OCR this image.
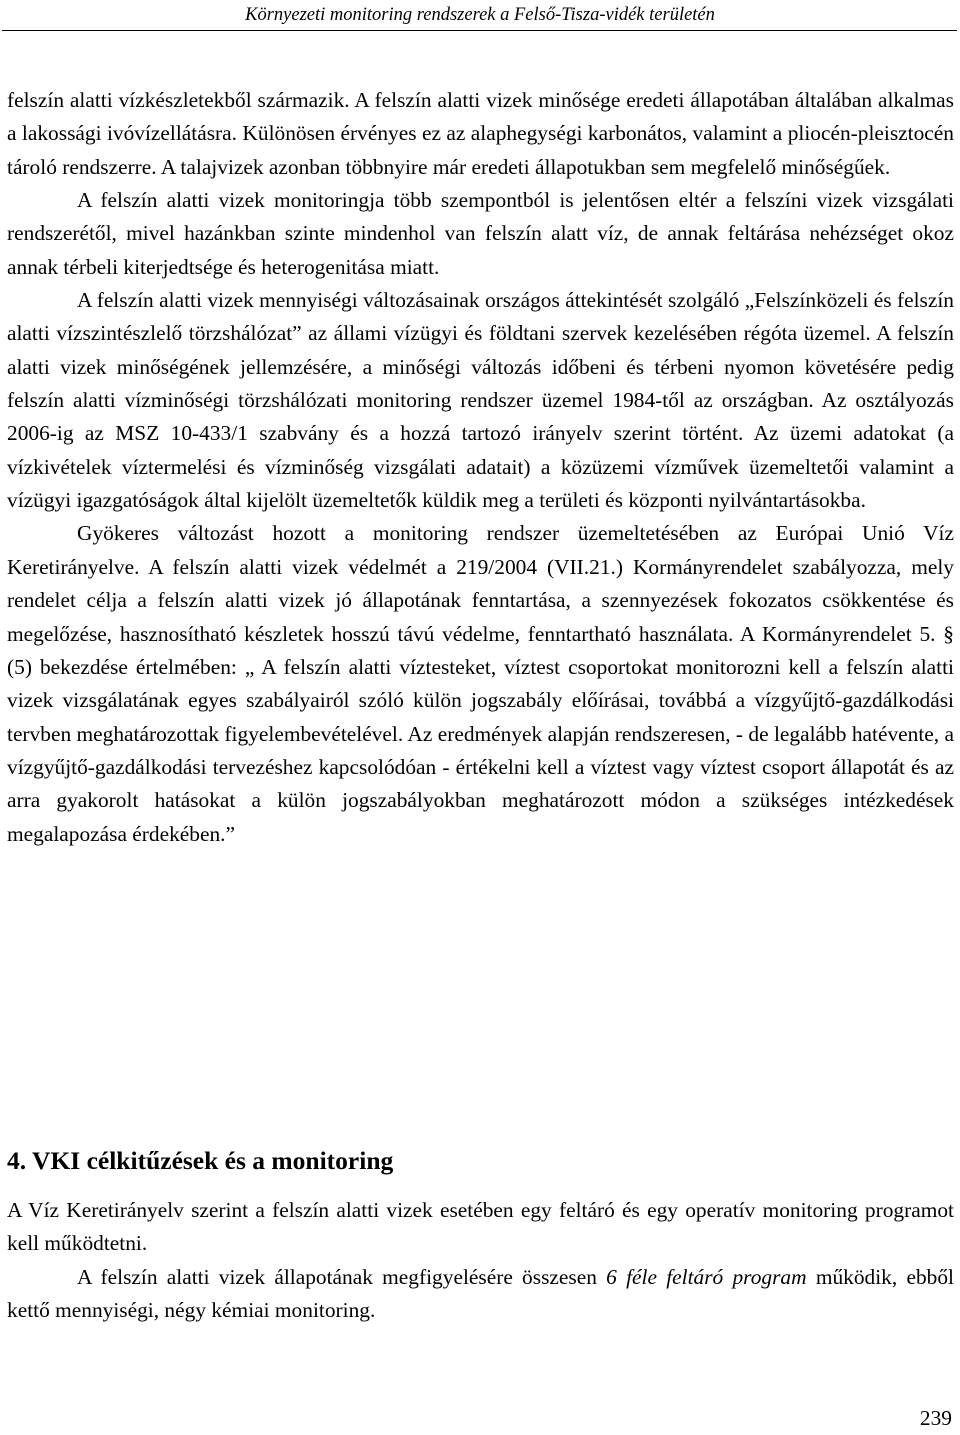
Környezeti monitoring rendszerek a Felső-Tisza-vidék területén

felszín alatti vízkészletekből származik. A felszín alatti vizek minősége eredeti állapotában általában alkalmas a lakossági ivóvízellátásra. Különösen érvényes ez az alaphegységi karbonátos, valamint a pliocén-pleisztocén tároló rendszerre. A talajvizek azonban többnyire már eredeti állapotukban sem megfelelő minőségűek.

A felszín alatti vizek monitoringja több szempontból is jelentősen eltér a felszíni vizek vizsgálati rendszerétől, mivel hazánkban szinte mindenhol van felszín alatt víz, de annak feltárása nehézséget okoz annak térbeli kiterjedtsége és heterogenitása miatt.

A felszín alatti vizek mennyiségi változásainak országos áttekintését szolgáló „Felszínközeli és felszín alatti vízszintészlelő törzshálózat” az állami vízügyi és földtani szervek kezelésében régóta üzemel. A felszín alatti vizek minőségének jellemzésére, a minőségi változás időbeni és térbeni nyomon követésére pedig felszín alatti vízminőségi törzshálózati monitoring rendszer üzemel 1984-től az országban. Az osztályozás 2006-ig az MSZ 10-433/1 szabvány és a hozzá tartozó irányelv szerint történt. Az üzemi adatokat (a vízkivételek víztermelési és vízminőség vizsgálati adatait) a közüzemi vízművek üzemeltetői valamint a vízügyi igazgatóságok által kijelölt üzemeltetők küldik meg a területi és központi nyilvántartásokba.

Gyökeres változást hozott a monitoring rendszer üzemeltetésében az Európai Unió Víz Keretirányelve. A felszín alatti vizek védelmét a 219/2004 (VII.21.) Kormányrendelet szabályozza, mely rendelet célja a felszín alatti vizek jó állapotának fenntartása, a szennyezések fokozatos csökkentése és megelőzése, hasznosítható készletek hosszú távú védelme, fenntartható használata. A Kormányrendelet 5. § (5) bekezdése értelmében: „ A felszín alatti víztesteket, víztest csoportokat monitorozni kell a felszín alatti vizek vizsgálatának egyes szabályairól szóló külön jogszabály előírásai, továbbá a vízgyűjtő-gazdálkodási tervben meghatározottak figyelembevételével. Az eredmények alapján rendszeresen, - de legalább hatévente, a vízgyűjtő-gazdálkodási tervezéshez kapcsolódóan - értékelni kell a víztest vagy víztest csoport állapotát és az arra gyakorolt hatásokat a külön jogszabályokban meghatározott módon a szükséges intézkedések megalapozása érdekében.”

4. VKI célkitűzések és a monitoring

A Víz Keretirányelv szerint a felszín alatti vizek esetében egy feltáró és egy operatív monitoring programot kell működtetni.

A felszín alatti vizek állapotának megfigyelésére összesen 6 féle feltáró program működik, ebből kettő mennyiségi, négy kémiai monitoring.

239
